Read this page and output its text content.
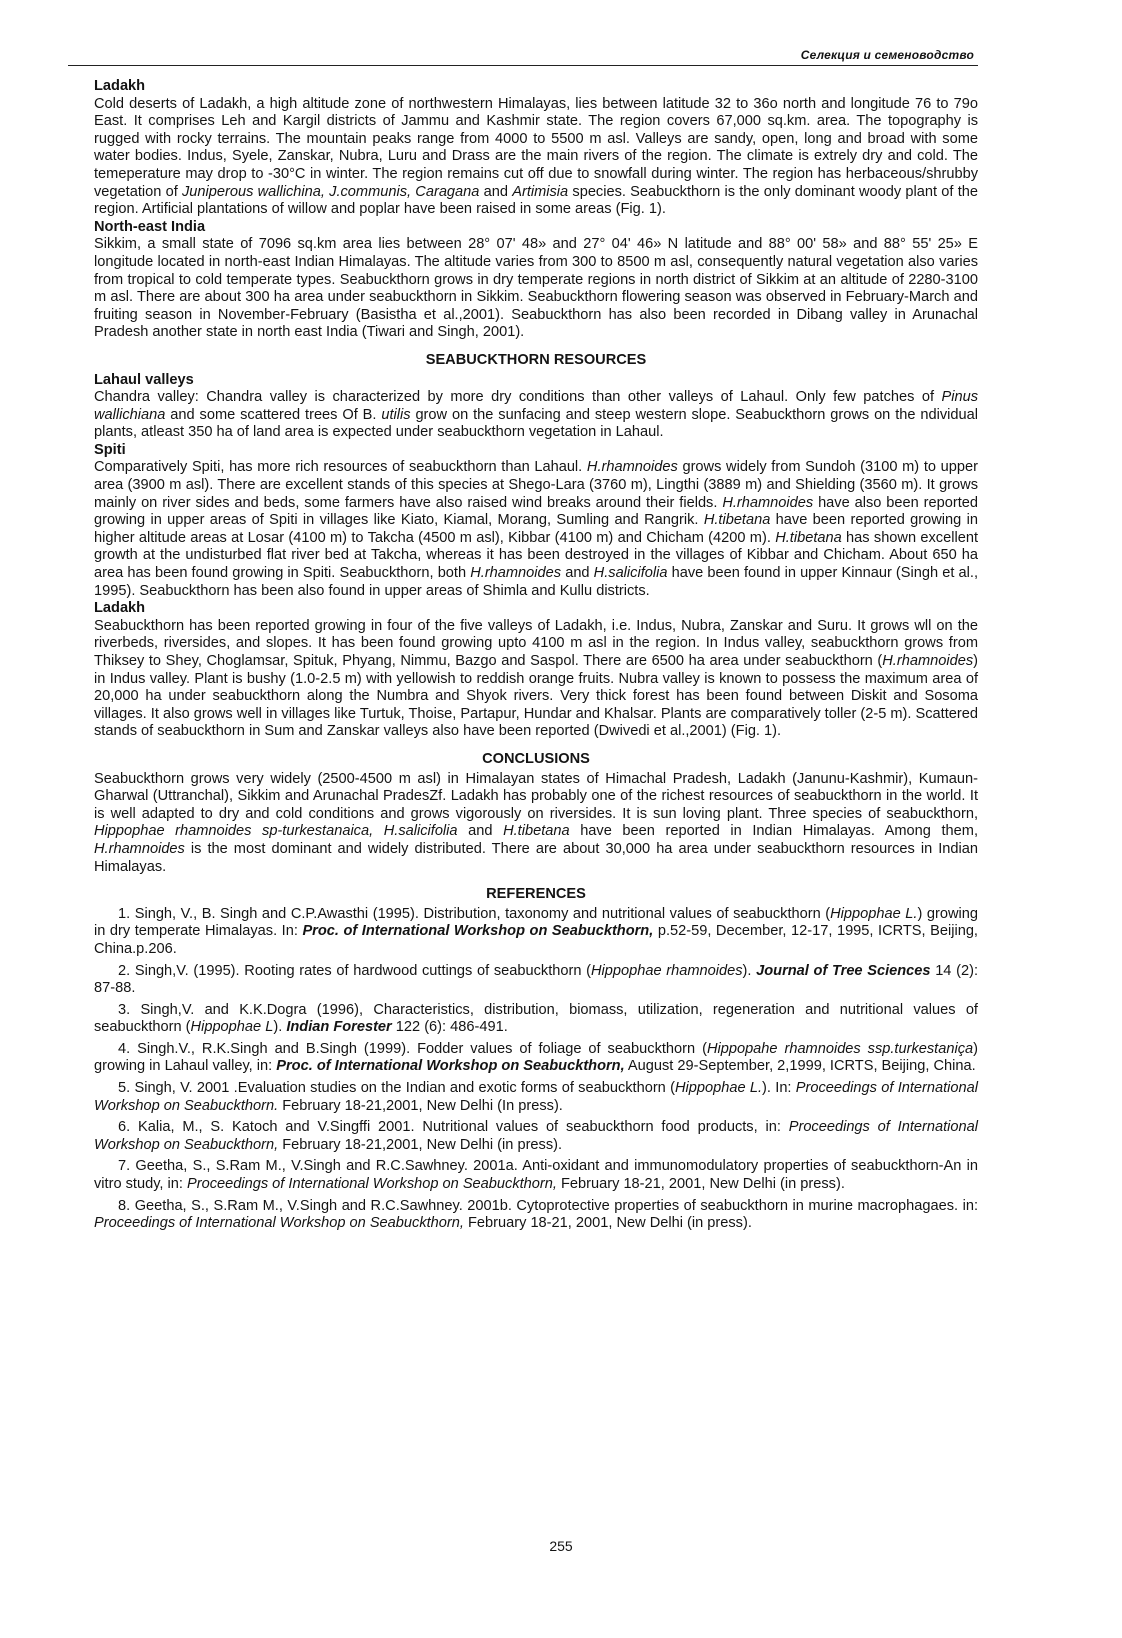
Селекция и семеноводство

Ladakh

Cold deserts of Ladakh, a high altitude zone of northwestern Himalayas, lies between latitude 32 to 36o north and longitude 76 to 79o East. It comprises Leh and Kargil districts of Jammu and Kashmir state. The region covers 67,000 sq.km. area. The topography is rugged with rocky terrains. The mountain peaks range from 4000 to 5500 m asl. Valleys are sandy, open, long and broad with some water bodies. Indus, Syele, Zanskar, Nubra, Luru and Drass are the main rivers of the region. The climate is extrely dry and cold. The temeperature may drop to -30°C in winter. The region remains cut off due to snowfall during winter. The region has herbaceous/shrubby vegetation of Juniperous wallichina, J.communis, Caragana and Artimisia species. Seabuckthorn is the only dominant woody plant of the region. Artificial plantations of willow and poplar have been raised in some areas (Fig. 1).

North-east India

Sikkim, a small state of 7096 sq.km area lies between 28° 07' 48» and 27° 04' 46» N latitude and 88° 00' 58» and 88° 55' 25» E longitude located in north-east Indian Himalayas. The altitude varies from 300 to 8500 m asl, consequently natural vegetation also varies from tropical to cold temperate types. Seabuckthorn grows in dry temperate regions in north district of Sikkim at an altitude of 2280-3100 m asl. There are about 300 ha area under seabuckthorn in Sikkim. Seabuckthorn flowering season was observed in February-March and fruiting season in November-February (Basistha et al.,2001). Seabuckthorn has also been recorded in Dibang valley in Arunachal Pradesh another state in north east India (Tiwari and Singh, 2001).

SEABUCKTHORN RESOURCES

Lahaul valleys

Chandra valley: Chandra valley is characterized by more dry conditions than other valleys of Lahaul. Only few patches of Pinus wallichiana and some scattered trees Of B. utilis grow on the sunfacing and steep western slope. Seabuckthorn grows on the ndividual plants, atleast 350 ha of land area is expected under seabuckthorn vegetation in Lahaul.

Spiti

Comparatively Spiti, has more rich resources of seabuckthorn than Lahaul. H.rhamnoides grows widely from Sundoh (3100 m) to upper area (3900 m asl). There are excellent stands of this species at Shego-Lara (3760 m), Lingthi (3889 m) and Shielding (3560 m). It grows mainly on river sides and beds, some farmers have also raised wind breaks around their fields. H.rhamnoides have also been reported growing in upper areas of Spiti in villages like Kiato, Kiamal, Morang, Sumling and Rangrik. H.tibetana have been reported growing in higher altitude areas at Losar (4100 m) to Takcha (4500 m asl), Kibbar (4100 m) and Chicham (4200 m). H.tibetana has shown excellent growth at the undisturbed flat river bed at Takcha, whereas it has been destroyed in the villages of Kibbar and Chicham. About 650 ha area has been found growing in Spiti. Seabuckthorn, both H.rhamnoides and H.salicifolia have been found in upper Kinnaur (Singh et al., 1995). Seabuckthorn has been also found in upper areas of Shimla and Kullu districts.

Ladakh

Seabuckthorn has been reported growing in four of the five valleys of Ladakh, i.e. Indus, Nubra, Zanskar and Suru. It grows wll on the riverbeds, riversides, and slopes. It has been found growing upto 4100 m asl in the region. In Indus valley, seabuckthorn grows from Thiksey to Shey, Choglamsar, Spituk, Phyang, Nimmu, Bazgo and Saspol. There are 6500 ha area under seabuckthorn (H.rhamnoides) in Indus valley. Plant is bushy (1.0-2.5 m) with yellowish to reddish orange fruits. Nubra valley is known to possess the maximum area of 20,000 ha under seabuckthorn along the Numbra and Shyok rivers. Very thick forest has been found between Diskit and Sosoma villages. It also grows well in villages like Turtuk, Thoise, Partapur, Hundar and Khalsar. Plants are comparatively toller (2-5 m). Scattered stands of seabuckthorn in Sum and Zanskar valleys also have been reported (Dwivedi et al.,2001) (Fig. 1).

CONCLUSIONS

Seabuckthorn grows very widely (2500-4500 m asl) in Himalayan states of Himachal Pradesh, Ladakh (Janunu-Kashmir), Kumaun-Gharwal (Uttranchal), Sikkim and Arunachal PradesZf. Ladakh has probably one of the richest resources of seabuckthorn in the world. It is well adapted to dry and cold conditions and grows vigorously on riversides. It is sun loving plant. Three species of seabuckthorn, Hippophae rhamnoides sp-turkestanaica, H.salicifolia and H.tibetana have been reported in Indian Himalayas. Among them, H.rhamnoides is the most dominant and widely distributed. There are about 30,000 ha area under seabuckthorn resources in Indian Himalayas.

REFERENCES

1. Singh, V., B. Singh and C.P.Awasthi (1995). Distribution, taxonomy and nutritional values of seabuckthorn (Hippophae L.) growing in dry temperate Himalayas. In: Proc. of International Workshop on Seabuckthorn, p.52-59, December, 12-17, 1995, ICRTS, Beijing, China.p.206.

2. Singh,V. (1995). Rooting rates of hardwood cuttings of seabuckthorn (Hippophae rhamnoides). Journal of Tree Sciences 14 (2): 87-88.

3. Singh,V. and K.K.Dogra (1996), Characteristics, distribution, biomass, utilization, regeneration and nutritional values of seabuckthorn (Hippophae L). Indian Forester 122 (6): 486-491.

4. Singh.V., R.K.Singh and B.Singh (1999). Fodder values of foliage of seabuckthorn (Hippopahe rhamnoides ssp.turkestaniça) growing in Lahaul valley, in: Proc. of International Workshop on Seabuckthorn, August 29-September, 2,1999, ICRTS, Beijing, China.

5. Singh, V. 2001 .Evaluation studies on the Indian and exotic forms of seabuckthorn (Hippophae L.). In: Proceedings of International Workshop on Seabuckthorn. February 18-21,2001, New Delhi (In press).

6. Kalia, M., S. Katoch and V.Singffi 2001. Nutritional values of seabuckthorn food products, in: Proceedings of International Workshop on Seabuckthorn, February 18-21,2001, New Delhi (in press).

7. Geetha, S., S.Ram M., V.Singh and R.C.Sawhney. 2001a. Anti-oxidant and immunomodulatory properties of seabuckthorn-An in vitro study, in: Proceedings of International Workshop on Seabuckthorn, February 18-21, 2001, New Delhi (in press).

8. Geetha, S., S.Ram M., V.Singh and R.C.Sawhney. 2001b. Cytoprotective properties of seabuckthorn in murine macrophagaes. in: Proceedings of International Workshop on Seabuckthorn, February 18-21, 2001, New Delhi (in press).

255
